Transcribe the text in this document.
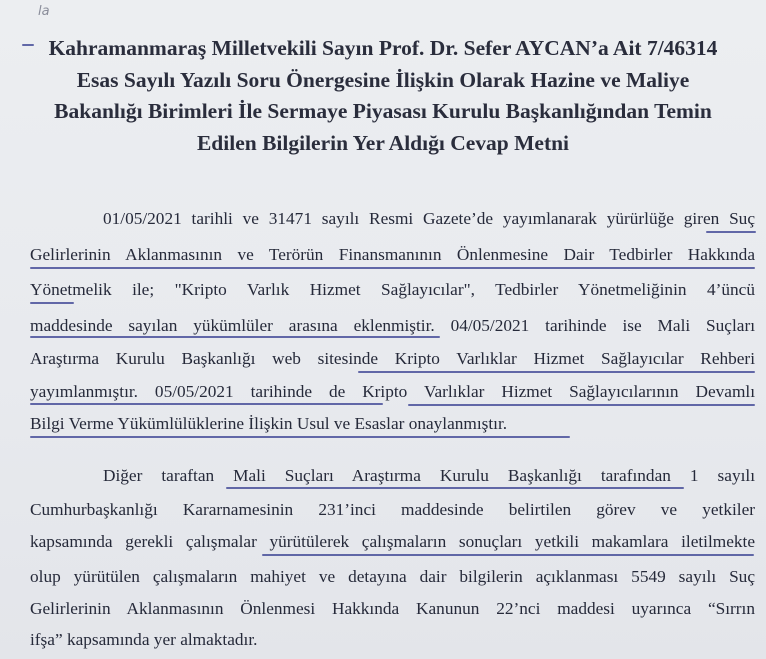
la
Kahramanmaraş Milletvekili Sayın Prof. Dr. Sefer AYCAN’a Ait 7/46314
Esas Sayılı Yazılı Soru Önergesine İlişkin Olarak Hazine ve Maliye
Bakanlığı Birimleri İle Sermaye Piyasası Kurulu Başkanlığından Temin
Edilen Bilgilerin Yer Aldığı Cevap Metni
01/05/2021 tarihli ve 31471 sayılı Resmi Gazete’de yayımlanarak yürürlüğe giren Suç
Gelirlerinin Aklanmasının ve Terörün Finansmanının Önlenmesine Dair Tedbirler Hakkında
Yönetmelik ile; "Kripto Varlık Hizmet Sağlayıcılar", Tedbirler Yönetmeliğinin 4’üncü
maddesinde sayılan yükümlüler arasına eklenmiştir. 04/05/2021 tarihinde ise Mali Suçları
Araştırma Kurulu Başkanlığı web sitesinde Kripto Varlıklar Hizmet Sağlayıcılar Rehberi
yayımlanmıştır. 05/05/2021 tarihinde de Kripto Varlıklar Hizmet Sağlayıcılarının Devamlı
Bilgi Verme Yükümlülüklerine İlişkin Usul ve Esaslar onaylanmıştır.
Diğer taraftan Mali Suçları Araştırma Kurulu Başkanlığı tarafından 1 sayılı
Cumhurbaşkanlığı Kararnamesinin 231’inci maddesinde belirtilen görev ve yetkiler
kapsamında gerekli çalışmalar yürütülerek çalışmaların sonuçları yetkili makamlara iletilmekte
olup yürütülen çalışmaların mahiyet ve detayına dair bilgilerin açıklanması 5549 sayılı Suç
Gelirlerinin Aklanmasının Önlenmesi Hakkında Kanunun 22’nci maddesi uyarınca “Sırrın
ifşa” kapsamında yer almaktadır.
